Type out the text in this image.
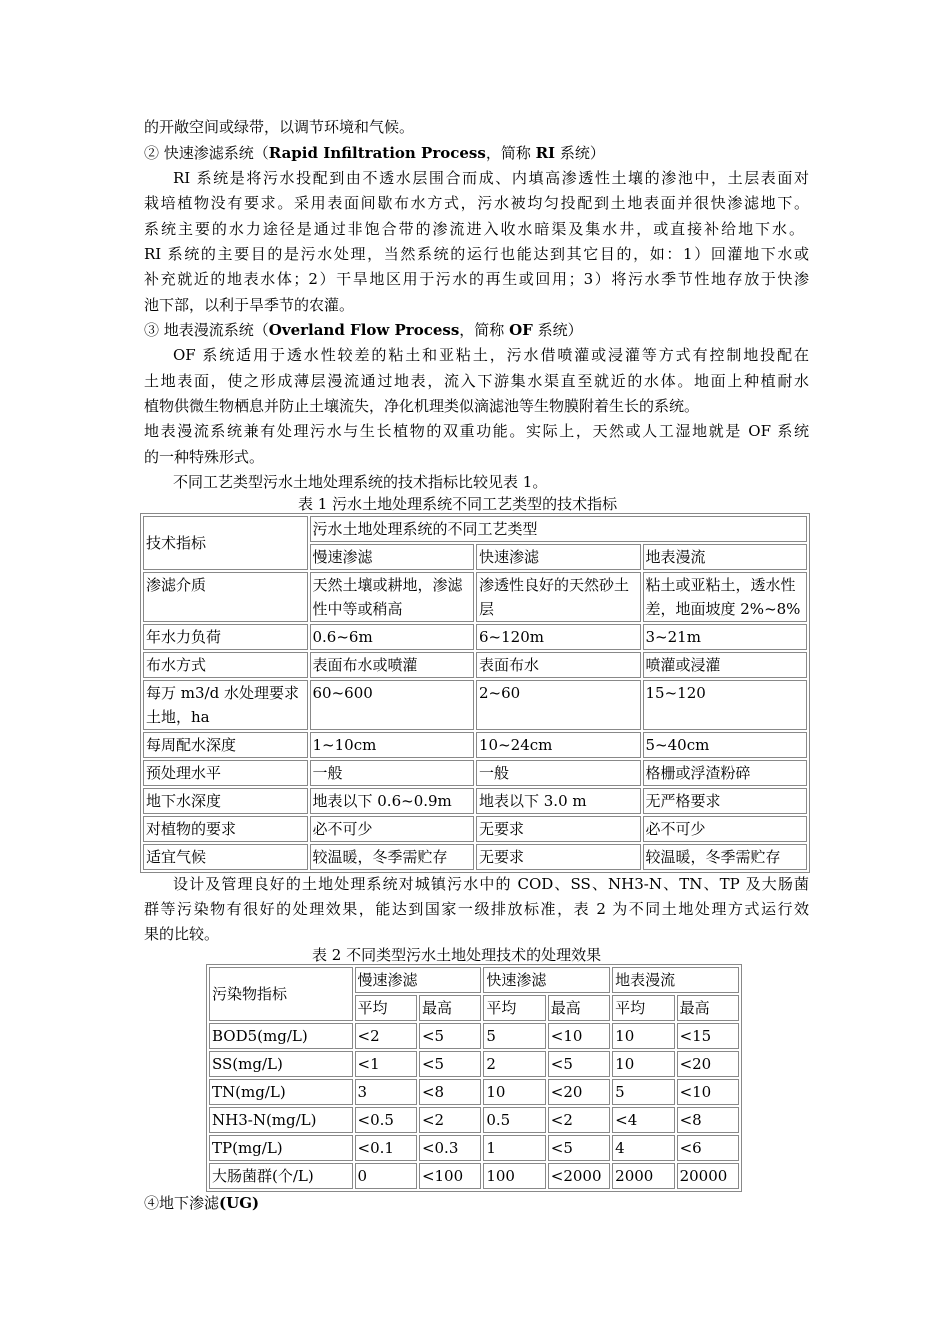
的开敞空间或绿带，以调节环境和气候。
② 快速渗滤系统（Rapid Infiltration Process，简称 RI 系统）
RI 系统是将污水投配到由不透水层围合而成、内填高渗透性土壤的渗池中，土层表面对
栽培植物没有要求。采用表面间歇布水方式，污水被均匀投配到土地表面并很快渗滤地下。
系统主要的水力途径是通过非饱合带的渗流进入收水暗渠及集水井，或直接补给地下水。
RI 系统的主要目的是污水处理，当然系统的运行也能达到其它目的，如：1）回灌地下水或
补充就近的地表水体；2）干旱地区用于污水的再生或回用；3）将污水季节性地存放于快渗
池下部，以利于旱季节的农灌。
③ 地表漫流系统（Overland Flow Process，简称 OF 系统）
OF 系统适用于透水性较差的粘土和亚粘土，污水借喷灌或浸灌等方式有控制地投配在
土地表面，使之形成薄层漫流通过地表，流入下游集水渠直至就近的水体。地面上种植耐水
植物供微生物栖息并防止土壤流失，净化机理类似滴滤池等生物膜附着生长的系统。
地表漫流系统兼有处理污水与生长植物的双重功能。实际上，天然或人工湿地就是 OF 系统
的一种特殊形式。
不同工艺类型污水土地处理系统的技术指标比较见表 1。
表 1 污水土地处理系统不同工艺类型的技术指标
技术指标	污水土地处理系统的不同工艺类型		
	慢速渗滤	快速渗滤	地表漫流
渗滤介质	天然土壤或耕地，渗滤性中等或稍高	渗透性良好的天然砂土层	粘土或亚粘土，透水性差，地面坡度 2%~8%
年水力负荷	0.6~6m	6~120m	3~21m
布水方式	表面布水或喷灌	表面布水	喷灌或浸灌
每万 m3/d 水处理要求土地，ha	60~600	2~60	15~120
每周配水深度	1~10cm	10~24cm	5~40cm
预处理水平	一般	一般	格栅或浮渣粉碎
地下水深度	地表以下 0.6~0.9m	地表以下 3.0 m	无严格要求
对植物的要求	必不可少	无要求	必不可少
适宜气候	较温暖，冬季需贮存	无要求	较温暖，冬季需贮存
设计及管理良好的土地处理系统对城镇污水中的 COD、SS、NH3-N、TN、TP 及大肠菌
群等污染物有很好的处理效果，能达到国家一级排放标准，表 2 为不同土地处理方式运行效
果的比较。
表 2 不同类型污水土地处理技术的处理效果
污染物指标	慢速渗滤		快速渗滤		地表漫流	
	平均	最高	平均	最高	平均	最高
BOD5(mg/L)	<2	<5	5	<10	10	<15
SS(mg/L)	<1	<5	2	<5	10	<20
TN(mg/L)	3	<8	10	<20	5	<10
NH3-N(mg/L)	<0.5	<2	0.5	<2	<4	<8
TP(mg/L)	<0.1	<0.3	1	<5	4	<6
大肠菌群(个/L)	0	<100	100	<2000	2000	20000
④地下渗滤(UG)
